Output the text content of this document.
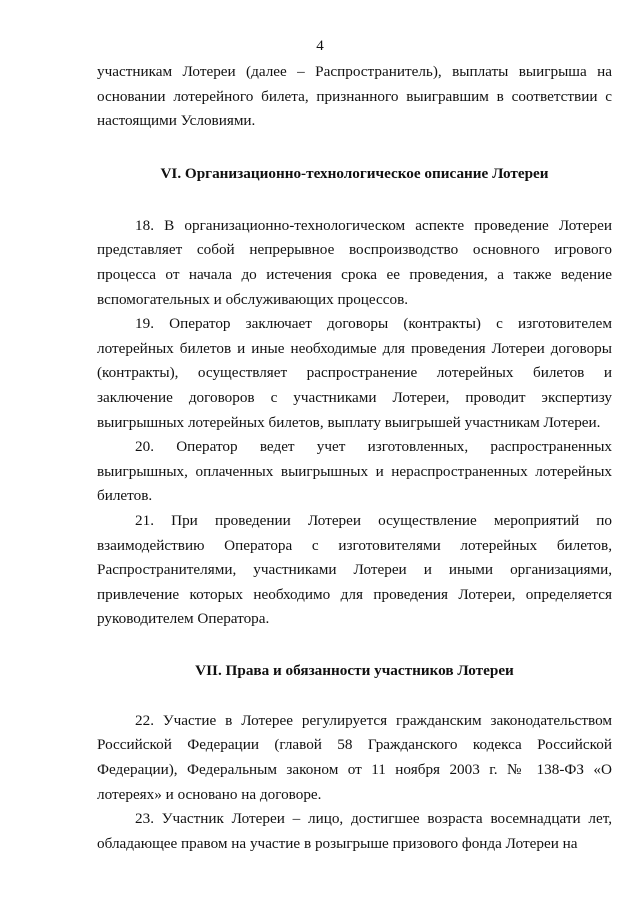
4

участникам Лотереи (далее – Распространитель), выплаты выигрыша на основании лотерейного билета, признанного выигравшим в соответствии с настоящими Условиями.

VI. Организационно-технологическое описание Лотереи

18. В организационно-технологическом аспекте проведение Лотереи представляет собой непрерывное воспроизводство основного игрового процесса от начала до истечения срока ее проведения, а также ведение вспомогательных и обслуживающих процессов.

19. Оператор заключает договоры (контракты) с изготовителем лотерейных билетов и иные необходимые для проведения Лотереи договоры (контракты), осуществляет распространение лотерейных билетов и заключение договоров с участниками Лотереи, проводит экспертизу выигрышных лотерейных билетов, выплату выигрышей участникам Лотереи.

20. Оператор ведет учет изготовленных, распространенных выигрышных, оплаченных выигрышных и нераспространенных лотерейных билетов.

21. При проведении Лотереи осуществление мероприятий по взаимодействию Оператора с изготовителями лотерейных билетов, Распространителями, участниками Лотереи и иными организациями, привлечение которых необходимо для проведения Лотереи, определяется руководителем Оператора.

VII. Права и обязанности участников Лотереи

22. Участие в Лотерее регулируется гражданским законодательством Российской Федерации (главой 58 Гражданского кодекса Российской Федерации), Федеральным законом от 11 ноября 2003 г. № 138-ФЗ «О лотереях» и основано на договоре.

23. Участник Лотереи – лицо, достигшее возраста восемнадцати лет, обладающее правом на участие в розыгрыше призового фонда Лотереи на
